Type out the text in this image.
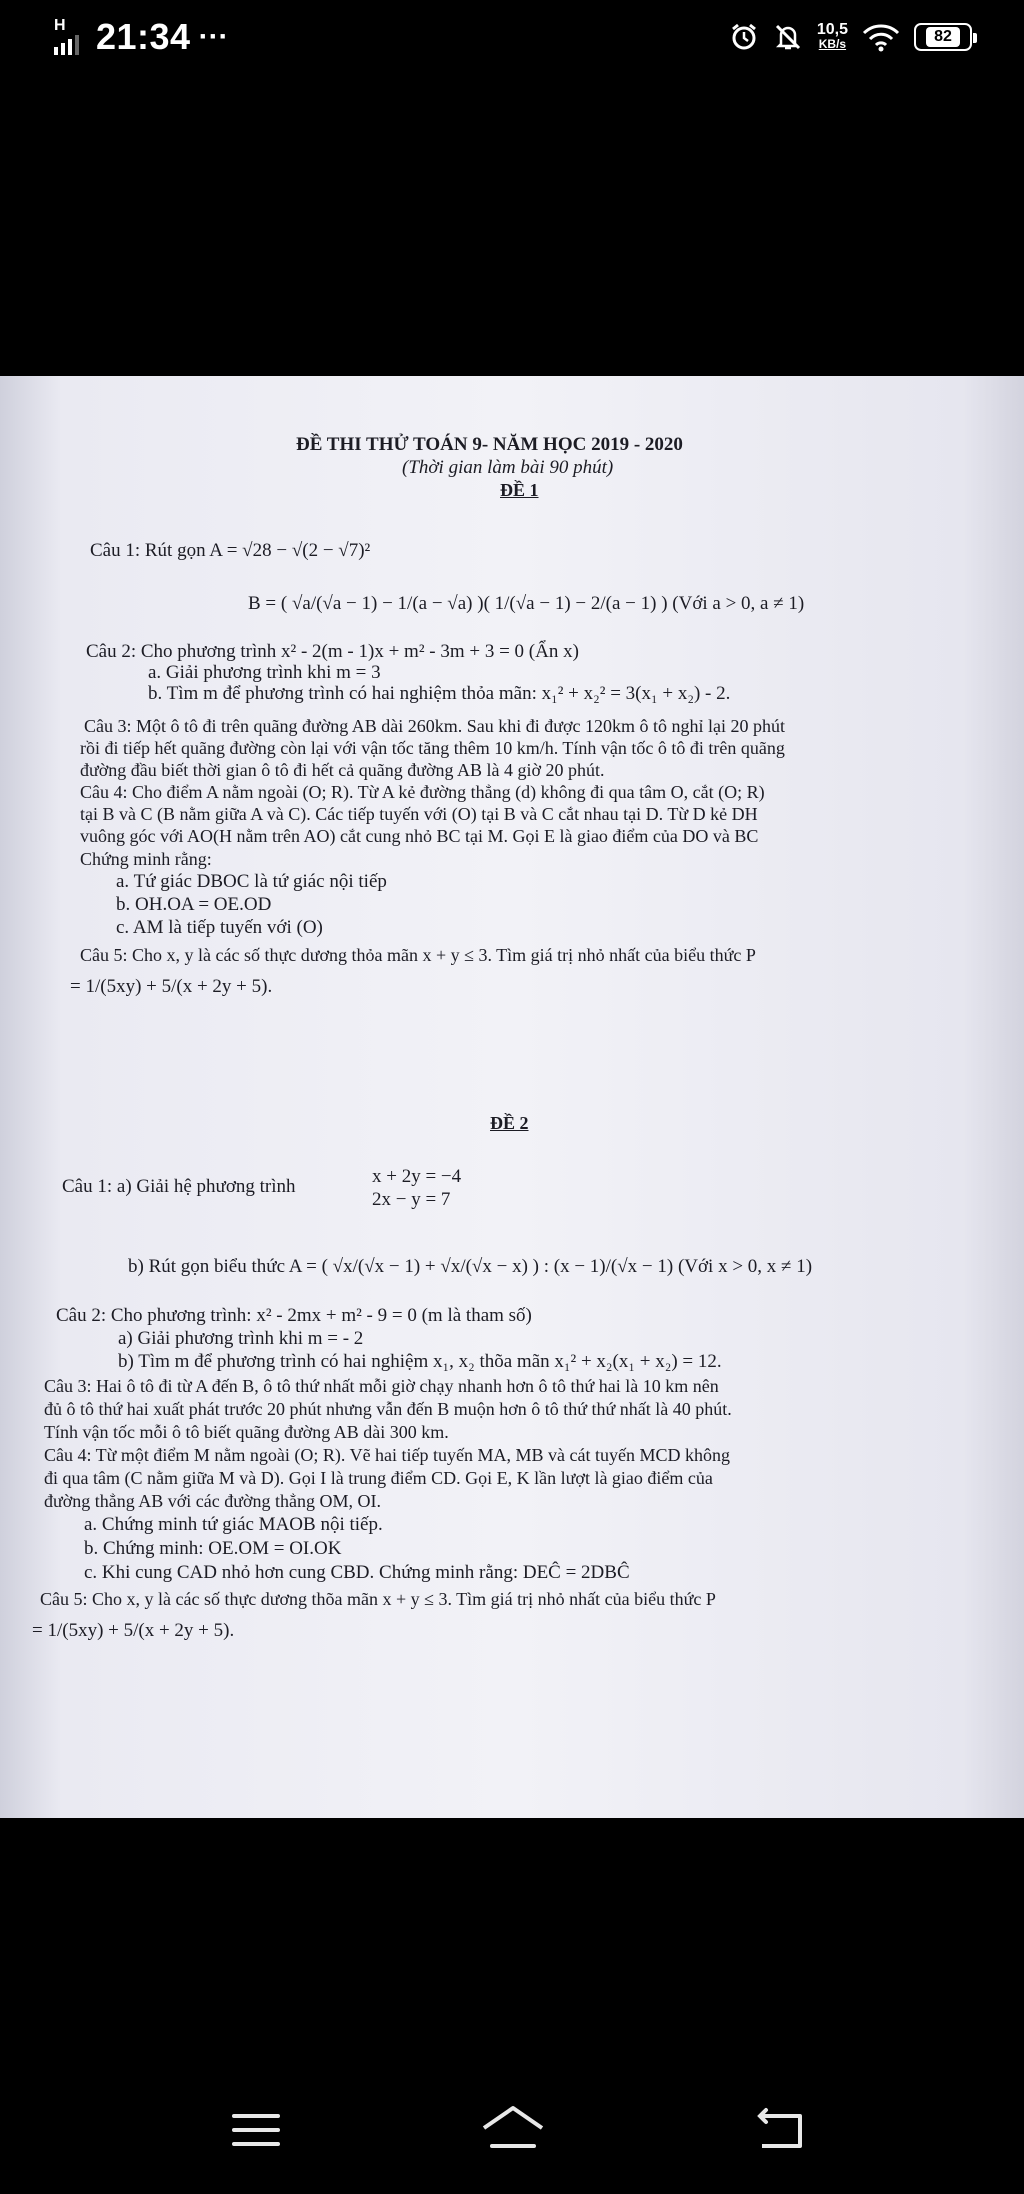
H 21:34 ···	10,5
KB/s	82
ĐỀ THI THỬ TOÁN 9- NĂM HỌC 2019 - 2020
(Thời gian làm bài 90 phút)
ĐỀ 1
Câu 1: Rút gọn A = √28 − √(2 − √7)²
B = ( √a/(√a − 1) − 1/(a − √a) )( 1/(√a − 1) − 2/(a − 1) ) (Với a > 0, a ≠ 1)
Câu 2: Cho phương trình x² - 2(m - 1)x + m² - 3m + 3 = 0 (Ẩn x)
a. Giải phương trình khi m = 3
b. Tìm m để phương trình có hai nghiệm thỏa mãn: x₁² + x₂² = 3(x₁ + x₂) - 2.
Câu 3: Một ô tô đi trên quãng đường AB dài 260km. Sau khi đi được 120km ô tô nghỉ lại 20 phút
rồi đi tiếp hết quãng đường còn lại với vận tốc tăng thêm 10 km/h. Tính vận tốc ô tô đi trên quãng
đường đầu biết thời gian ô tô đi hết cả quãng đường AB là 4 giờ 20 phút.
Câu 4: Cho điểm A nằm ngoài (O; R). Từ A kẻ đường thẳng (d) không đi qua tâm O, cắt (O; R)
tại B và C (B nằm giữa A và C). Các tiếp tuyến với (O) tại B và C cắt nhau tại D. Từ D kẻ DH
vuông góc với AO(H nằm trên AO) cắt cung nhỏ BC tại M. Gọi E là giao điểm của DO và BC
Chứng minh rằng:
a. Tứ giác DBOC là tứ giác nội tiếp
b. OH.OA = OE.OD
c. AM là tiếp tuyến với (O)
Câu 5: Cho x, y là các số thực dương thỏa mãn x + y ≤ 3. Tìm giá trị nhỏ nhất của biểu thức P
= 1/(5xy) + 5/(x + 2y + 5).
ĐỀ 2
Câu 1: a) Giải hệ phương trình	x + 2y = −4
2x − y = 7
b) Rút gọn biểu thức A = ( √x/(√x − 1) + √x/(√x − x) ) : (x − 1)/(√x − 1) (Với x > 0, x ≠ 1)
Câu 2: Cho phương trình: x² - 2mx + m² - 9 = 0 (m là tham số)
a) Giải phương trình khi m = - 2
b) Tìm m để phương trình có hai nghiệm x₁, x₂ thõa mãn x₁² + x₂(x₁ + x₂) = 12.
Câu 3: Hai ô tô đi từ A đến B, ô tô thứ nhất mỗi giờ chạy nhanh hơn ô tô thứ hai là 10 km nên
đủ ô tô thứ hai xuất phát trước 20 phút nhưng vẫn đến B muộn hơn ô tô thứ thứ nhất là 40 phút.
Tính vận tốc mỗi ô tô biết quãng đường AB dài 300 km.
Câu 4: Từ một điểm M nằm ngoài (O; R). Vẽ hai tiếp tuyến MA, MB và cát tuyến MCD không
đi qua tâm (C nằm giữa M và D). Gọi I là trung điểm CD. Gọi E, K lần lượt là giao điểm của
đường thẳng AB với các đường thẳng OM, OI.
a. Chứng minh tứ giác MAOB nội tiếp.
b. Chứng minh: OE.OM = OI.OK
c. Khi cung CAD nhỏ hơn cung CBD. Chứng minh rằng: DEĈ = 2DBĈ
Câu 5: Cho x, y là các số thực dương thõa mãn x + y ≤ 3. Tìm giá trị nhỏ nhất của biểu thức P
= 1/(5xy) + 5/(x + 2y + 5).
